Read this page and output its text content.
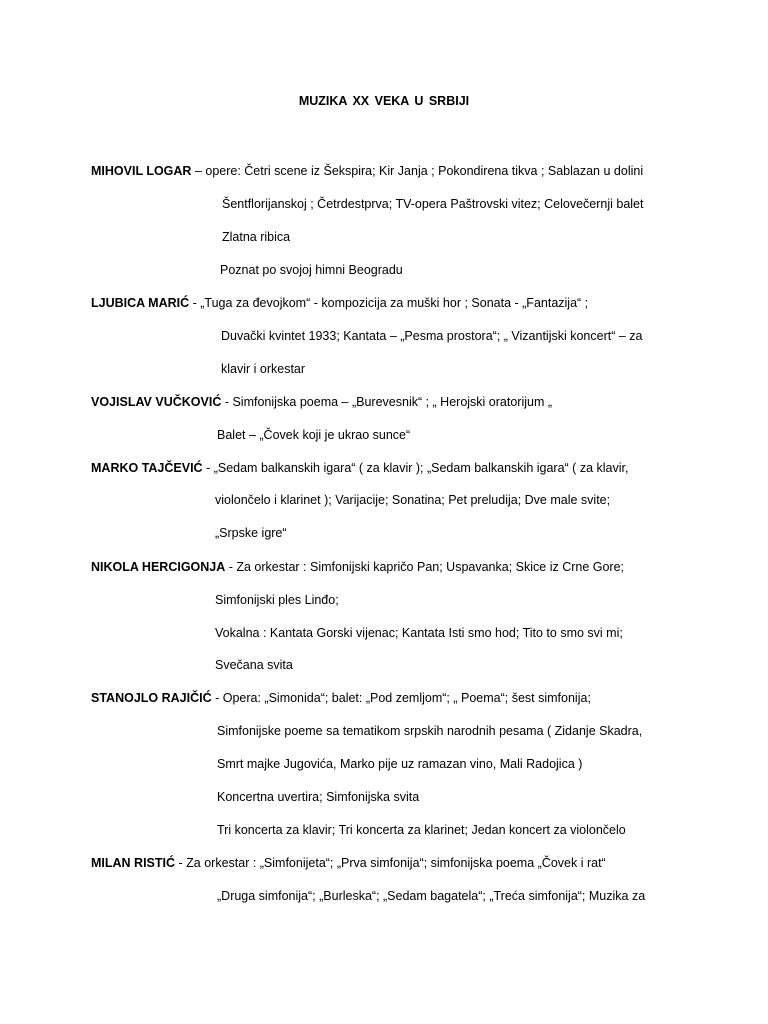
MUZIKA XX VEKA U SRBIJI
MIHOVIL LOGAR – opere: Četri scene iz Šekspira; Kir Janja ; Pokondirena tikva ; Sablazan u dolini
Šentflorijanskoj ; Četrdestprva; TV-opera Paštrovski vitez; Celovečernji balet
Zlatna ribica
Poznat po svojoj himni Beogradu
LJUBICA MARIĆ - „Tuga za đevojkom“ - kompozicija za muški hor ; Sonata - „Fantazija“ ;
Duvački kvintet 1933; Kantata – „Pesma prostora“; „ Vizantijski koncert“ – za
klavir i orkestar
VOJISLAV VUČKOVIĆ - Simfonijska poema – „Burevesnik“ ; „ Herojski oratorijum „
Balet – „Čovek koji je ukrao sunce“
MARKO TAJČEVIĆ - „Sedam balkanskih igara“ ( za klavir ); „Sedam balkanskih igara“ ( za klavir,
violončelo i klarinet ); Varijacije; Sonatina; Pet preludija; Dve male svite;
„Srpske igre“
NIKOLA HERCIGONJA - Za orkestar : Simfonijski kapričo Pan; Uspavanka; Skice iz Crne Gore;
Simfonijski ples Linđo;
Vokalna : Kantata Gorski vijenac; Kantata Isti smo hod; Tito to smo svi mi;
Svečana svita
STANOJLO RAJIČIĆ - Opera: „Simonida“; balet: „Pod zemljom“; „ Poema“; šest simfonija;
Simfonijske poeme sa tematikom srpskih narodnih pesama ( Zidanje Skadra,
Smrt majke Jugovića, Marko pije uz ramazan vino, Mali Radojica )
Koncertna uvertira; Simfonijska svita
Tri koncerta za klavir; Tri koncerta za klarinet; Jedan koncert za violončelo
MILAN RISTIĆ - Za orkestar : „Simfonijeta“; „Prva simfonija“; simfonijska poema „Čovek i rat“
„Druga simfonija“; „Burleska“; „Sedam bagatela“; „Treća simfonija“; Muzika za
